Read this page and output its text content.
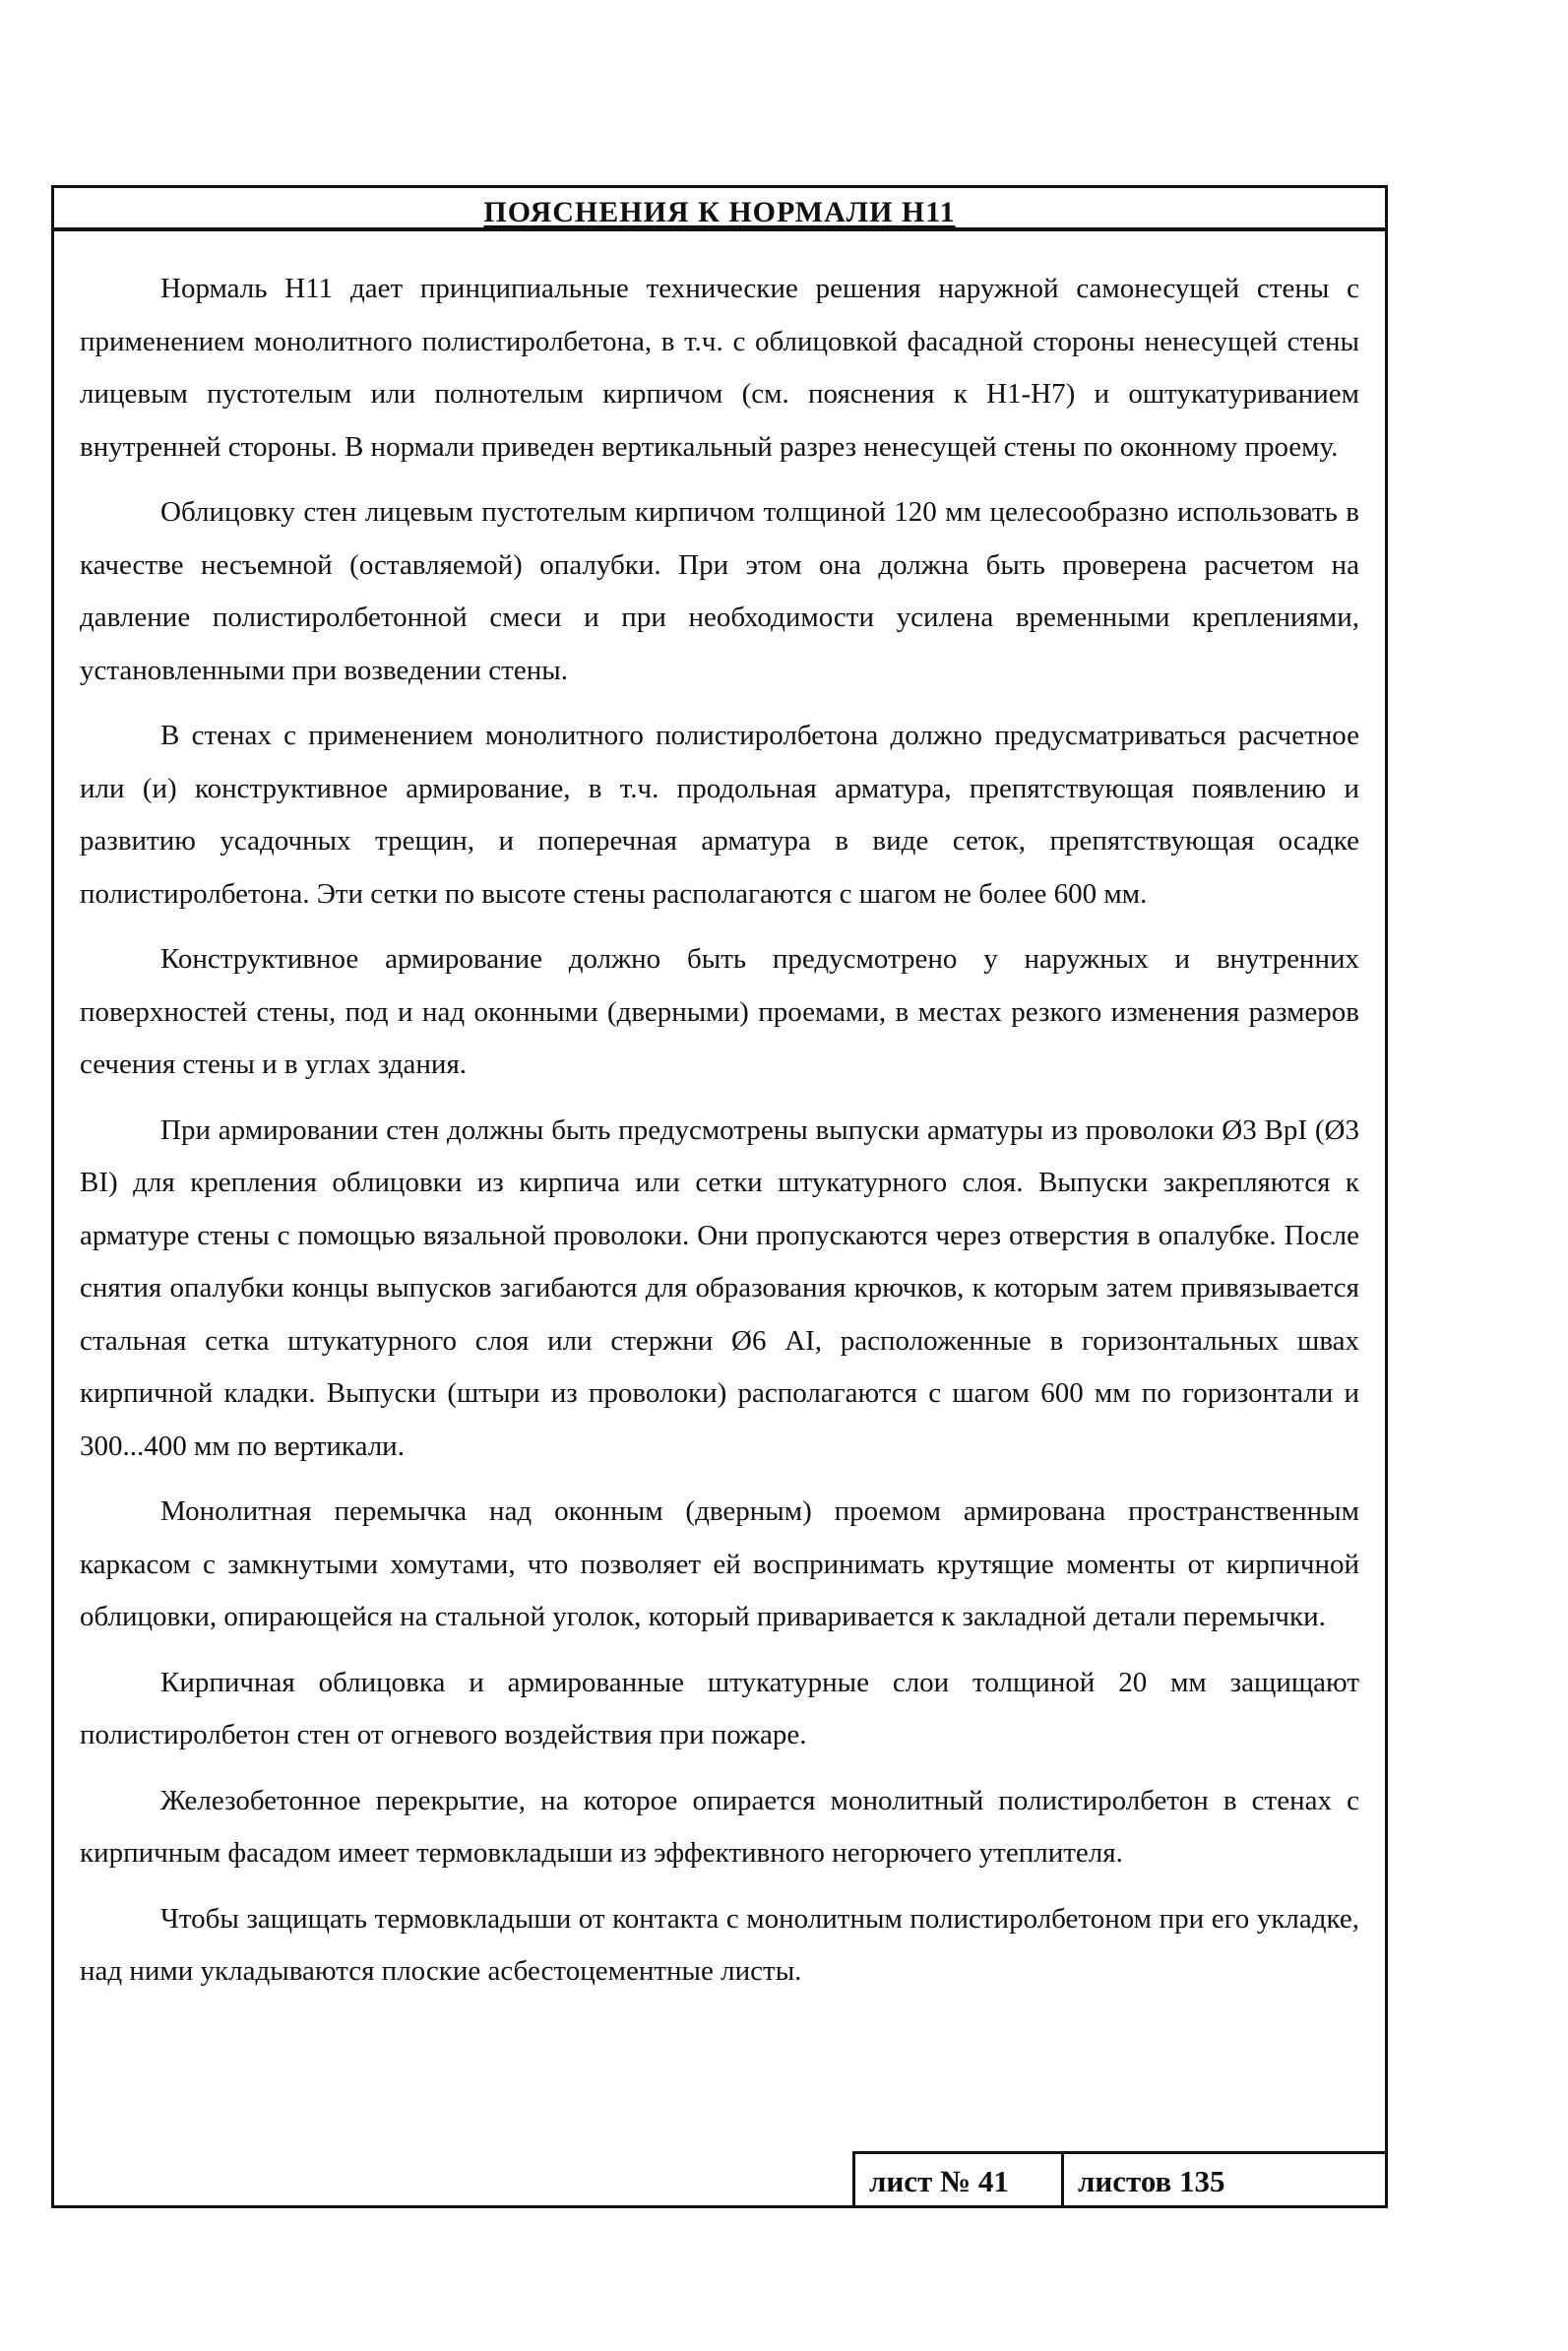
ПОЯСНЕНИЯ К НОРМАЛИ Н11

Нормаль Н11 дает принципиальные технические решения наружной самонесущей стены с применением монолитного полистиролбетона, в т.ч. с облицовкой фасадной стороны ненесущей стены лицевым пустотелым или полнотелым кирпичом (см. пояснения к Н1-Н7) и оштукатуриванием внутренней стороны. В нормали приведен вертикальный разрез ненесущей стены по оконному проему.

Облицовку стен лицевым пустотелым кирпичом толщиной 120 мм целесообразно использовать в качестве несъемной (оставляемой) опалубки. При этом она должна быть проверена расчетом на давление полистиролбетонной смеси и при необходимости усилена временными креплениями, установленными при возведении стены.

В стенах с применением монолитного полистиролбетона должно предусматриваться расчетное или (и) конструктивное армирование, в т.ч. продольная арматура, препятствующая появлению и развитию усадочных трещин, и поперечная арматура в виде сеток, препятствующая осадке полистиролбетона. Эти сетки по высоте стены располагаются с шагом не более 600 мм.

Конструктивное армирование должно быть предусмотрено у наружных и внутренних поверхностей стены, под и над оконными (дверными) проемами, в местах резкого изменения размеров сечения стены и в углах здания.

При армировании стен должны быть предусмотрены выпуски арматуры из проволоки Ø3 ВрI (Ø3 ВI) для крепления облицовки из кирпича или сетки штукатурного слоя. Выпуски закрепляются к арматуре стены с помощью вязальной проволоки. Они пропускаются через отверстия в опалубке. После снятия опалубки концы выпусков загибаются для образования крючков, к которым затем привязывается стальная сетка штукатурного слоя или стержни Ø6 АI, расположенные в горизонтальных швах кирпичной кладки. Выпуски (штыри из проволоки) располагаются с шагом 600 мм по горизонтали и 300...400 мм по вертикали.

Монолитная перемычка над оконным (дверным) проемом армирована пространственным каркасом с замкнутыми хомутами, что позволяет ей воспринимать крутящие моменты от кирпичной облицовки, опирающейся на стальной уголок, который приваривается к закладной детали перемычки.

Кирпичная облицовка и армированные штукатурные слои толщиной 20 мм защищают полистиролбетон стен от огневого воздействия при пожаре.

Железобетонное перекрытие, на которое опирается монолитный полистиролбетон в стенах с кирпичным фасадом имеет термовкладыши из эффективного негорючего утеплителя.

Чтобы защищать термовкладыши от контакта с монолитным полистиролбетоном при его укладке, над ними укладываются плоские асбестоцементные листы.

лист № 41	листов 135
